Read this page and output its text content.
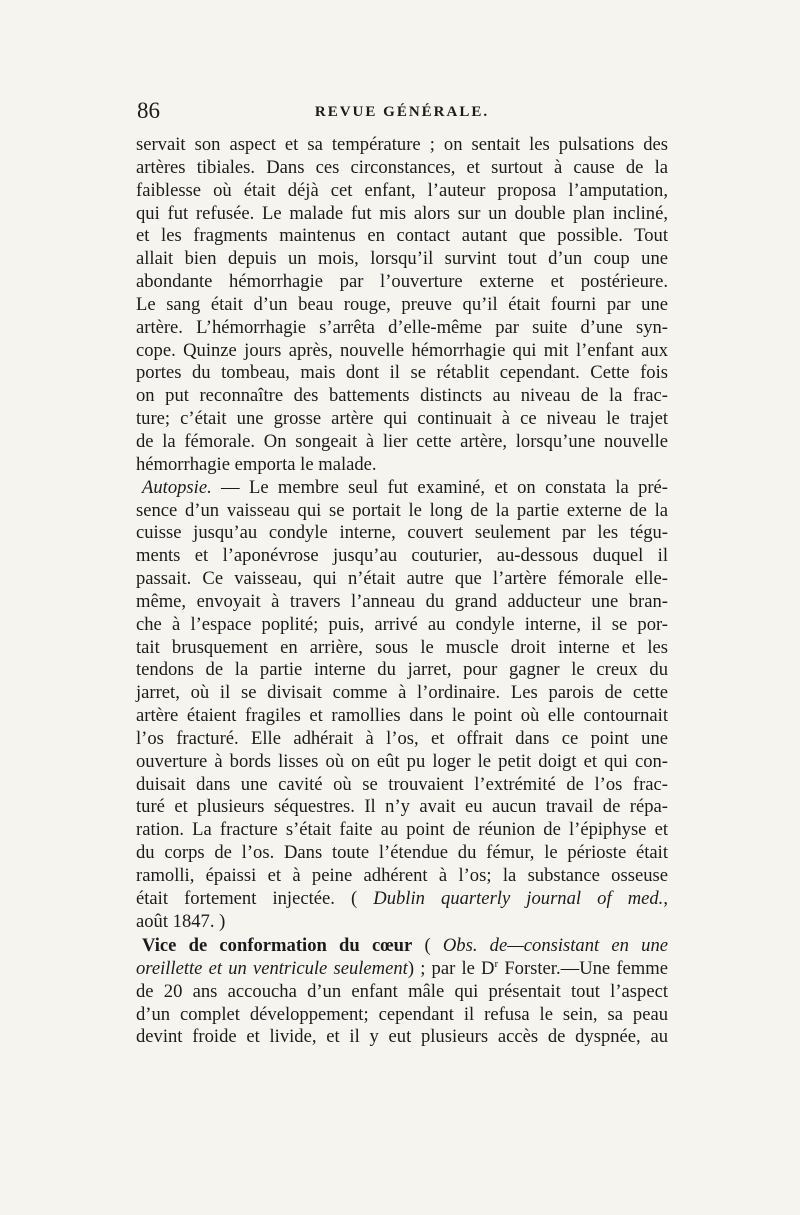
86	REVUE GÉNÉRALE.
servait son aspect et sa température ; on sentait les pulsations des
artères tibiales. Dans ces circonstances, et surtout à cause de la
faiblesse où était déjà cet enfant, l’auteur proposa l’amputation,
qui fut refusée. Le malade fut mis alors sur un double plan incliné,
et les fragments maintenus en contact autant que possible. Tout
allait bien depuis un mois, lorsqu’il survint tout d’un coup une
abondante hémorrhagie par l’ouverture externe et postérieure.
Le sang était d’un beau rouge, preuve qu’il était fourni par une
artère. L’hémorrhagie s’arrêta d’elle-même par suite d’une syn-
cope. Quinze jours après, nouvelle hémorrhagie qui mit l’enfant aux
portes du tombeau, mais dont il se rétablit cependant. Cette fois
on put reconnaître des battements distincts au niveau de la frac-
ture; c’était une grosse artère qui continuait à ce niveau le trajet
de la fémorale. On songeait à lier cette artère, lorsqu’une nouvelle
hémorrhagie emporta le malade.
Autopsie. — Le membre seul fut examiné, et on constata la pré-
sence d’un vaisseau qui se portait le long de la partie externe de la
cuisse jusqu’au condyle interne, couvert seulement par les tégu-
ments et l’aponévrose jusqu’au couturier, au-dessous duquel il
passait. Ce vaisseau, qui n’était autre que l’artère fémorale elle-
même, envoyait à travers l’anneau du grand adducteur une bran-
che à l’espace poplité; puis, arrivé au condyle interne, il se por-
tait brusquement en arrière, sous le muscle droit interne et les
tendons de la partie interne du jarret, pour gagner le creux du
jarret, où il se divisait comme à l’ordinaire. Les parois de cette
artère étaient fragiles et ramollies dans le point où elle contournait
l’os fracturé. Elle adhérait à l’os, et offrait dans ce point une
ouverture à bords lisses où on eût pu loger le petit doigt et qui con-
duisait dans une cavité où se trouvaient l’extrémité de l’os frac-
turé et plusieurs séquestres. Il n’y avait eu aucun travail de répa-
ration. La fracture s’était faite au point de réunion de l’épiphyse et
du corps de l’os. Dans toute l’étendue du fémur, le périoste était
ramolli, épaissi et à peine adhérent à l’os; la substance osseuse
était fortement injectée. ( Dublin quarterly journal of med.,
août 1847. )
Vice de conformation du cœur ( Obs. de—consistant en une
oreillette et un ventricule seulement) ; par le $D^r$ Forster.—Une femme
de 20 ans accoucha d’un enfant mâle qui présentait tout l’aspect
d’un complet développement; cependant il refusa le sein, sa peau
devint froide et livide, et il y eut plusieurs accès de dyspnée, au
